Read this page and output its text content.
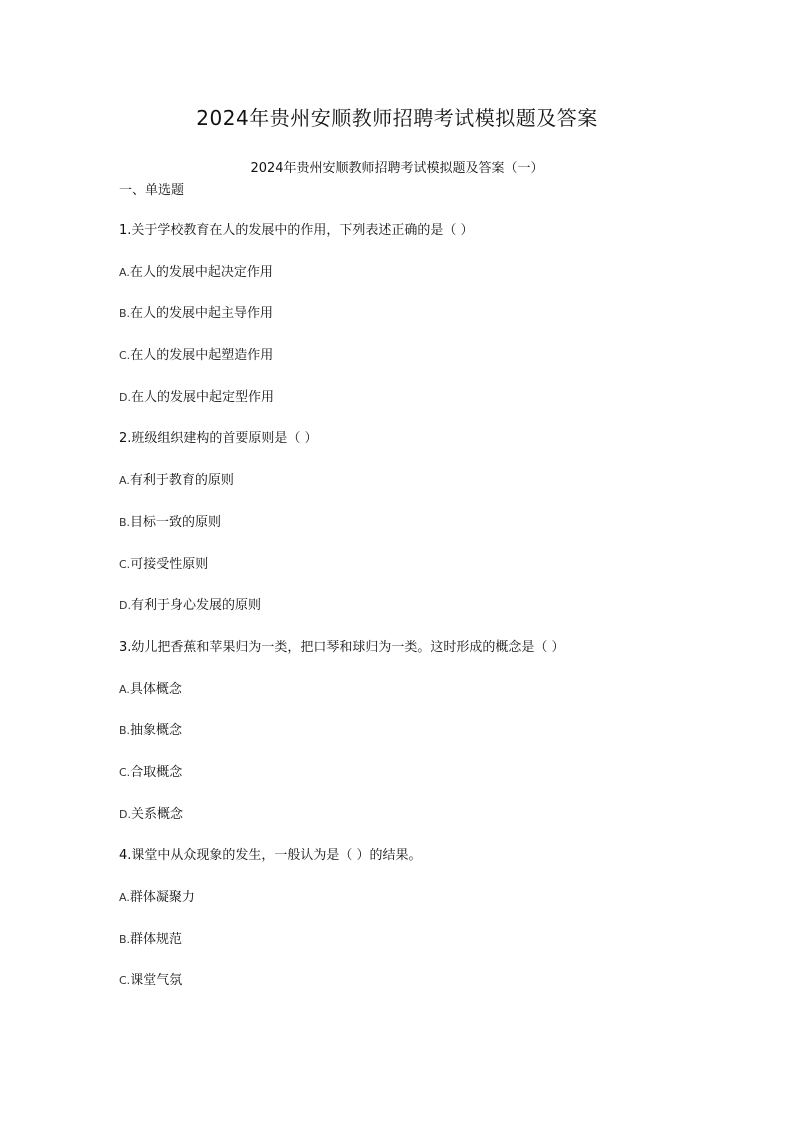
2024年贵州安顺教师招聘考试模拟题及答案
2024年贵州安顺教师招聘考试模拟题及答案（一）
一、单选题
1.关于学校教育在人的发展中的作用，下列表述正确的是（ ）
A.在人的发展中起决定作用
B.在人的发展中起主导作用
C.在人的发展中起塑造作用
D.在人的发展中起定型作用
2.班级组织建构的首要原则是（ ）
A.有利于教育的原则
B.目标一致的原则
C.可接受性原则
D.有利于身心发展的原则
3.幼儿把香蕉和苹果归为一类，把口琴和球归为一类。这时形成的概念是（ ）
A.具体概念
B.抽象概念
C.合取概念
D.关系概念
4.课堂中从众现象的发生，一般认为是（ ）的结果。
A.群体凝聚力
B.群体规范
C.课堂气氛
